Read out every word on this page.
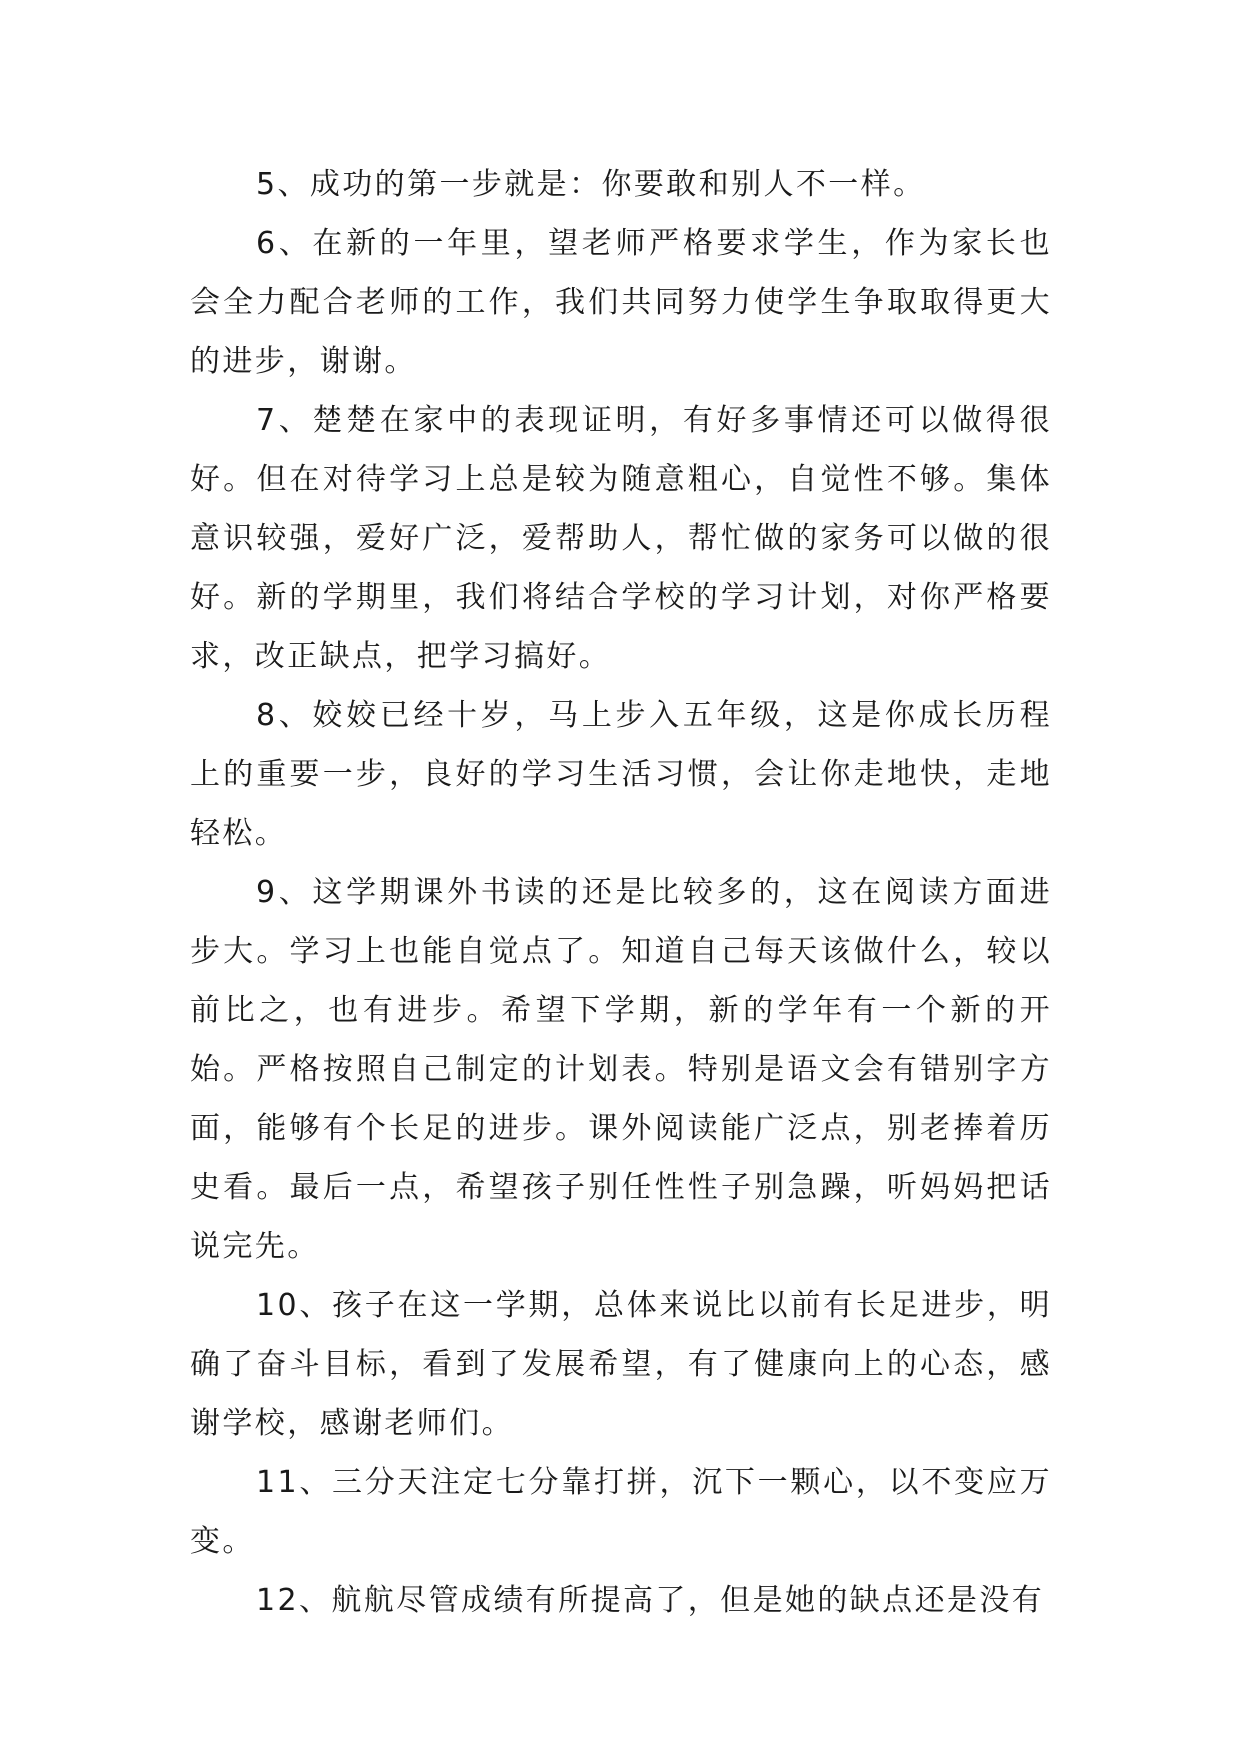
5、成功的第一步就是：你要敢和别人不一样。

6、在新的一年里，望老师严格要求学生，作为家长也会全力配合老师的工作，我们共同努力使学生争取取得更大的进步，谢谢。

7、楚楚在家中的表现证明，有好多事情还可以做得很好。但在对待学习上总是较为随意粗心，自觉性不够。集体意识较强，爱好广泛，爱帮助人，帮忙做的家务可以做的很好。新的学期里，我们将结合学校的学习计划，对你严格要求，改正缺点，把学习搞好。

8、姣姣已经十岁，马上步入五年级，这是你成长历程上的重要一步，良好的学习生活习惯，会让你走地快，走地轻松。

9、这学期课外书读的还是比较多的，这在阅读方面进步大。学习上也能自觉点了。知道自己每天该做什么，较以前比之，也有进步。希望下学期，新的学年有一个新的开始。严格按照自己制定的计划表。特别是语文会有错别字方面，能够有个长足的进步。课外阅读能广泛点，别老捧着历史看。最后一点，希望孩子别任性性子别急躁，听妈妈把话说完先。

10、孩子在这一学期，总体来说比以前有长足进步，明确了奋斗目标，看到了发展希望，有了健康向上的心态，感谢学校，感谢老师们。

11、三分天注定七分靠打拼，沉下一颗心，以不变应万变。

12、航航尽管成绩有所提高了，但是她的缺点还是没有
